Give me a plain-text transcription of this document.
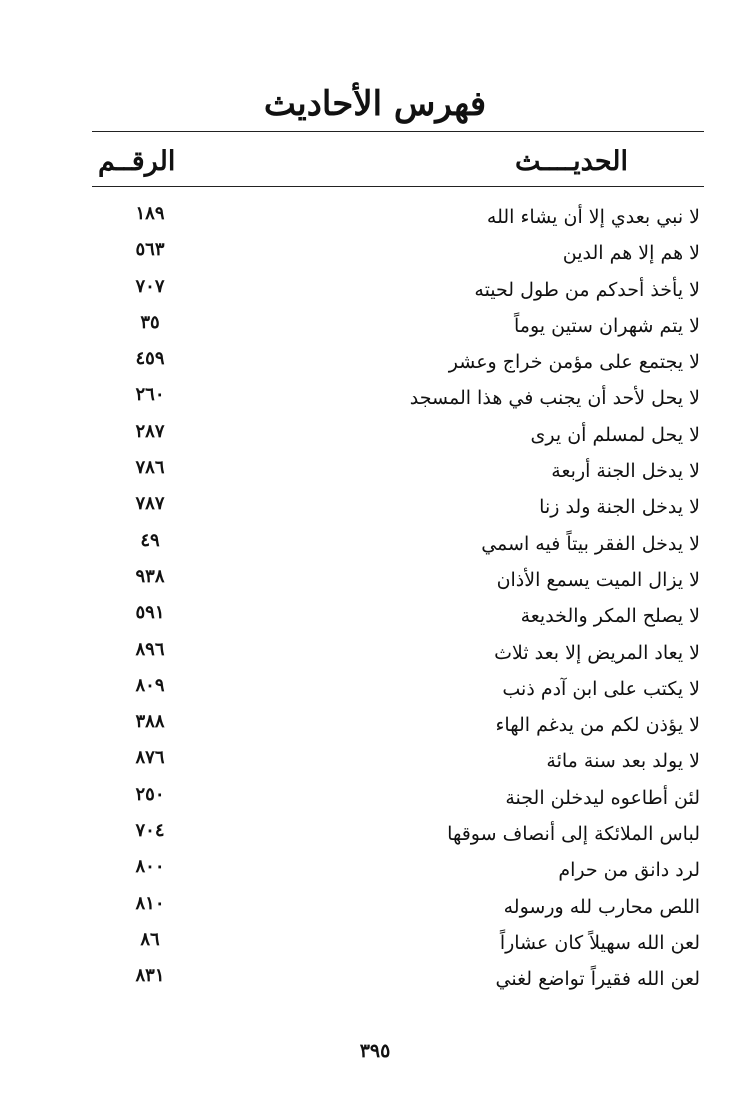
فهرس الأحاديث
الحديــــث
الرقــم
لا نبي بعدي إلا أن يشاء الله
١٨٩
لا هم إلا هم الدين
٥٦٣
لا يأخذ أحدكم من طول لحيته
٧٠٧
لا يتم شهران ستين يوماً
٣٥
لا يجتمع على مؤمن خراج وعشر
٤٥٩
لا يحل لأحد أن يجنب في هذا المسجد
٢٦٠
لا يحل لمسلم أن يرى
٢٨٧
لا يدخل الجنة أربعة
٧٨٦
لا يدخل الجنة ولد زنا
٧٨٧
لا يدخل الفقر بيتاً فيه اسمي
٤٩
لا يزال الميت يسمع الأذان
٩٣٨
لا يصلح المكر والخديعة
٥٩١
لا يعاد المريض إلا بعد ثلاث
٨٩٦
لا يكتب على ابن آدم ذنب
٨٠٩
لا يؤذن لكم من يدغم الهاء
٣٨٨
لا يولد بعد سنة مائة
٨٧٦
لئن أطاعوه ليدخلن الجنة
٢٥٠
لباس الملائكة إلى أنصاف سوقها
٧٠٤
لرد دانق من حرام
٨٠٠
اللص محارب لله ورسوله
٨١٠
لعن الله سهيلاً كان عشاراً
٨٦
لعن الله فقيراً تواضع لغني
٨٣١
٣٩٥
